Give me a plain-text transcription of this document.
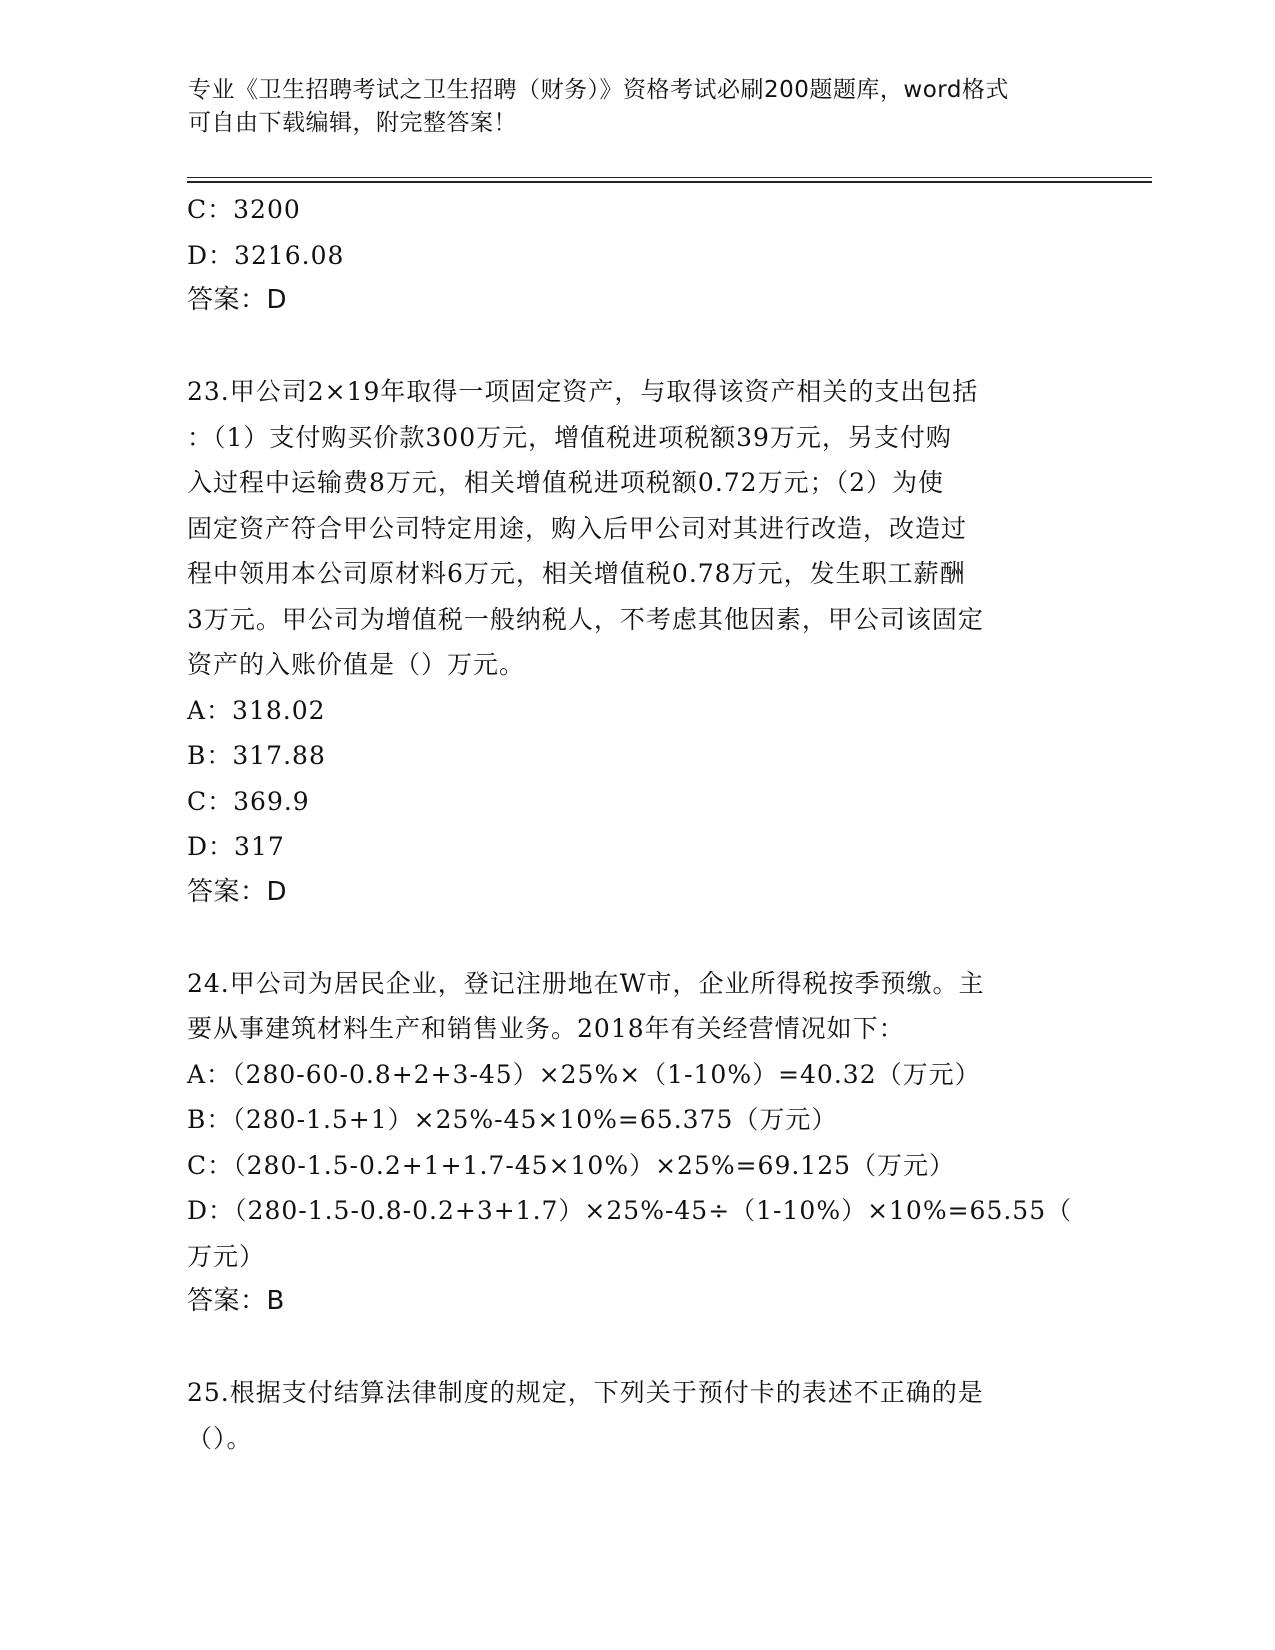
专业《卫生招聘考试之卫生招聘（财务）》资格考试必刷200题题库，word格式
可自由下载编辑，附完整答案！
C：3200
D：3216.08
答案：D
23.甲公司2×19年取得一项固定资产，与取得该资产相关的支出包括
：（1）支付购买价款300万元，增值税进项税额39万元，另支付购
入过程中运输费8万元，相关增值税进项税额0.72万元；（2）为使
固定资产符合甲公司特定用途，购入后甲公司对其进行改造，改造过
程中领用本公司原材料6万元，相关增值税0.78万元，发生职工薪酬
3万元。甲公司为增值税一般纳税人，不考虑其他因素，甲公司该固定
资产的入账价值是（）万元。
A：318.02
B：317.88
C：369.9
D：317
答案：D
24.甲公司为居民企业，登记注册地在W市，企业所得税按季预缴。主
要从事建筑材料生产和销售业务。2018年有关经营情况如下：
A：（280-60-0.8+2+3-45）×25%×（1-10%）=40.32（万元）
B：（280-1.5+1）×25%-45×10%=65.375（万元）
C：（280-1.5-0.2+1+1.7-45×10%）×25%=69.125（万元）
D：（280-1.5-0.8-0.2+3+1.7）×25%-45÷（1-10%）×10%=65.55（
万元）
答案：B
25.根据支付结算法律制度的规定，下列关于预付卡的表述不正确的是
（）。
